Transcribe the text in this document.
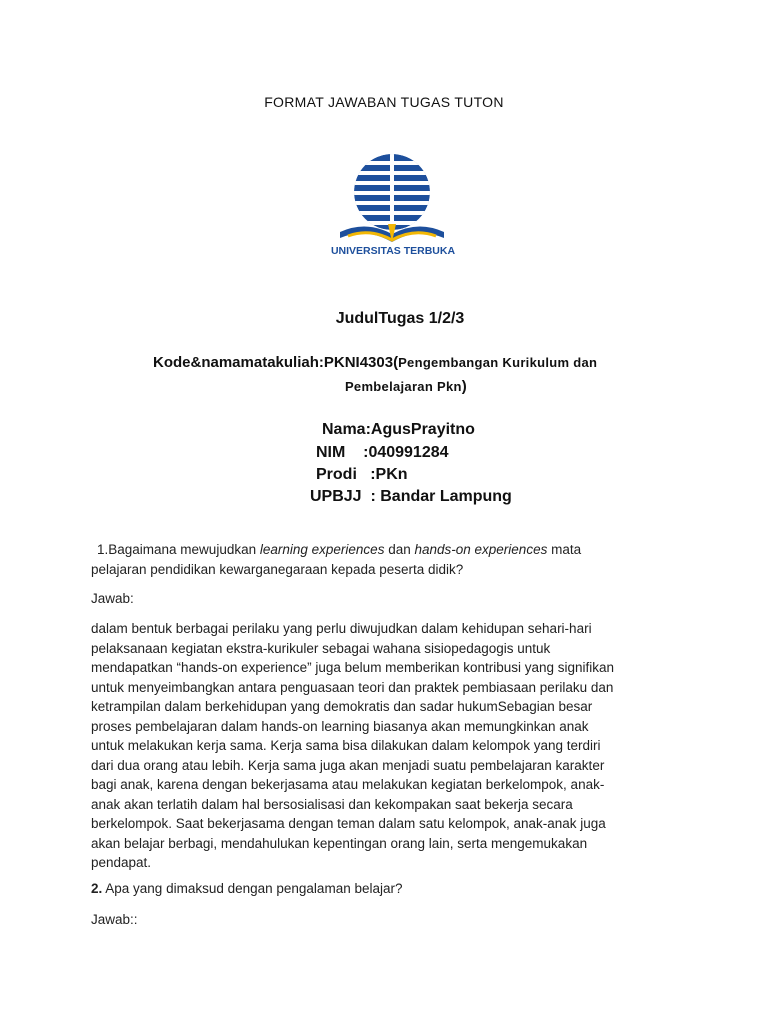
FORMAT JAWABAN TUGAS TUTON
UNIVERSITAS TERBUKA
JudulTugas 1/2/3
Kode&namamatakuliah:PKNI4303(Pengembangan Kurikulum dan
Pembelajaran Pkn)
Nama:AgusPrayitno
NIM    :040991284
Prodi   :PKn
UPBJJ  : Bandar Lampung
1.Bagaimana mewujudkan learning experiences dan hands-on experiences mata
pelajaran pendidikan kewarganegaraan kepada peserta didik?
Jawab:

dalam bentuk berbagai perilaku yang perlu diwujudkan dalam kehidupan sehari-hari

pelaksanaan kegiatan ekstra-kurikuler sebagai wahana sisiopedagogis untuk

mendapatkan “hands-on experience” juga belum memberikan kontribusi yang signifikan

untuk menyeimbangkan antara penguasaan teori dan praktek pembiasaan perilaku dan

ketrampilan dalam berkehidupan yang demokratis dan sadar hukumSebagian besar

proses pembelajaran dalam hands-on learning biasanya akan memungkinkan anak

untuk melakukan kerja sama. Kerja sama bisa dilakukan dalam kelompok yang terdiri

dari dua orang atau lebih. Kerja sama juga akan menjadi suatu pembelajaran karakter

bagi anak, karena dengan bekerjasama atau melakukan kegiatan berkelompok, anak-

anak akan terlatih dalam hal bersosialisasi dan kekompakan saat bekerja secara

berkelompok. Saat bekerjasama dengan teman dalam satu kelompok, anak-anak juga

akan belajar berbagi, mendahulukan kepentingan orang lain, serta mengemukakan

pendapat.

2. Apa yang dimaksud dengan pengalaman belajar?
Jawab::
